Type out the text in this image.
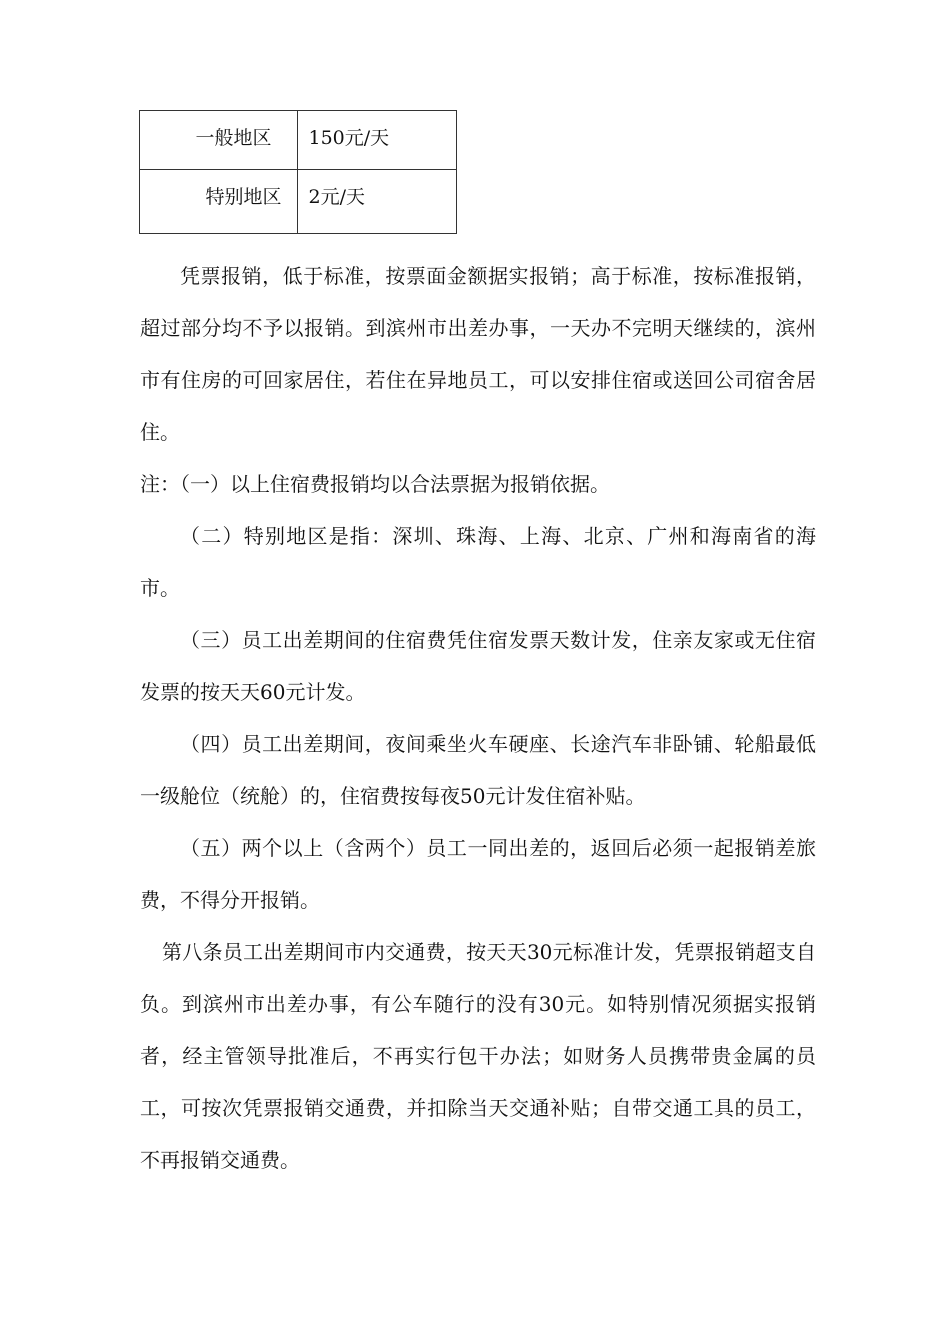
一般地区	150元/天
特别地区	2元/天

凭票报销，低于标准，按票面金额据实报销；高于标准，按标准报销，超过部分均不予以报销。到滨州市出差办事，一天办不完明天继续的，滨州市有住房的可回家居住，若住在异地员工，可以安排住宿或送回公司宿舍居住。

注：（一）以上住宿费报销均以合法票据为报销依据。

（二）特别地区是指：深圳、珠海、上海、北京、广州和海南省的海市。

（三）员工出差期间的住宿费凭住宿发票天数计发，住亲友家或无住宿发票的按天天60元计发。

（四）员工出差期间，夜间乘坐火车硬座、长途汽车非卧铺、轮船最低一级舱位（统舱）的，住宿费按每夜50元计发住宿补贴。

（五）两个以上（含两个）员工一同出差的，返回后必须一起报销差旅费，不得分开报销。

第八条员工出差期间市内交通费，按天天30元标准计发，凭票报销超支自负。到滨州市出差办事，有公车随行的没有30元。如特别情况须据实报销者，经主管领导批准后，不再实行包干办法；如财务人员携带贵金属的员工，可按次凭票报销交通费，并扣除当天交通补贴；自带交通工具的员工，不再报销交通费。
